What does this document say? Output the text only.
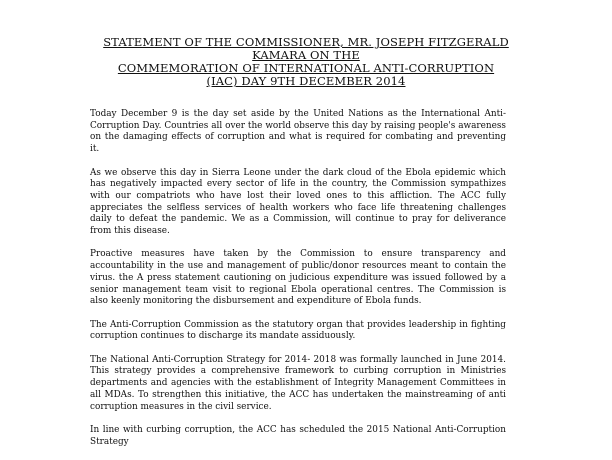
STATEMENT OF THE COMMISSIONER, MR. JOSEPH FITZGERALD
KAMARA ON THE
COMMEMORATION OF INTERNATIONAL ANTI-CORRUPTION
(IAC) DAY 9TH DECEMBER 2014

Today December 9 is the day set aside by the United Nations as the International Anti-Corruption Day. Countries all over the world observe this day by raising people's awareness on the damaging effects of corruption and what is required for combating and preventing it.

As we observe this day in Sierra Leone under the dark cloud of the Ebola epidemic which has negatively impacted every sector of life in the country, the Commission sympathizes with our compatriots who have lost their loved ones to this affliction. The ACC fully appreciates the selfless services of health workers who face life threatening challenges daily to defeat the pandemic. We as a Commission, will continue to pray for deliverance from this disease.

Proactive measures have taken by the Commission to ensure transparency and accountability in the use and management of public/donor resources meant to contain the virus. the A press statement cautioning on judicious expenditure was issued followed by a senior management team visit to regional Ebola operational centres. The Commission is also keenly monitoring the disbursement and expenditure of Ebola funds.

The Anti-Corruption Commission as the statutory organ that provides leadership in fighting corruption continues to discharge its mandate assiduously.

The National Anti-Corruption Strategy for 2014- 2018 was formally launched in June 2014. This strategy provides a comprehensive framework to curbing corruption in Ministries departments and agencies with the establishment of Integrity Management Committees in all MDAs. To strengthen this initiative, the ACC has undertaken the mainstreaming of anti corruption measures in the civil service.

In line with curbing corruption, the ACC has scheduled the 2015 National Anti-Corruption Strategy
